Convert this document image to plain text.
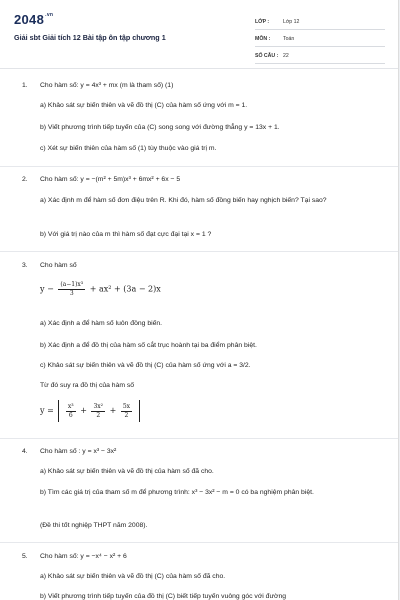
$2048^{.vn}$
Giải sbt Giải tích 12 Bài tập ôn tập chương 1
LỚP :	Lớp 12
MÔN :	Toán
SỐ CÂU : 22
1. Cho hàm số: y = 4x³ + mx (m là tham số) (1)
a) Khảo sát sự biến thiên và vẽ đồ thị (C) của hàm số ứng với m = 1.
b) Viết phương trình tiếp tuyến của (C) song song với đường thẳng y = 13x + 1.
c) Xét sự biến thiên của hàm số (1) tùy thuộc vào giá trị m.
2. Cho hàm số: y = −(m² + 5m)x³ + 6mx² + 6x − 5
a) Xác định m để hàm số đơn điệu trên R. Khi đó, hàm số đồng biến hay nghịch biến? Tại sao?
b) Với giá trị nào của m thì hàm số đạt cực đại tại x = 1 ?
3. Cho hàm số
$y - \frac{\text{(a−1)x³}}{3} + ax^2 + (3a - 2)x$
a) Xác định a để hàm số luôn đồng biến.
b) Xác định a để đồ thị của hàm số cắt trục hoành tại ba điểm phân biệt.
c) Khảo sát sự biến thiên và vẽ đồ thị (C) của hàm số ứng với a = 3/2.
Từ đó suy ra đồ thị của hàm số
$y = \frac{\text{x³}}{6} + \frac{\text{3x²}}{2} + \frac{5x}{2}$

4. Cho hàm số : y = x³ − 3x²
a) Khảo sát sự biến thiên và vẽ đồ thị của hàm số đã cho.
b) Tìm các giá trị của tham số m để phương trình: x³ − 3x² − m = 0 có ba nghiệm phân biệt.
(Đề thi tốt nghiệp THPT năm 2008).
5. Cho hàm số: y = −x⁴ − x² + 6
a) Khảo sát sự biến thiên và vẽ đồ thị (C) của hàm số đã cho.
b) Viết phương trình tiếp tuyến của đồ thị (C) biết tiếp tuyến vuông góc với đường
